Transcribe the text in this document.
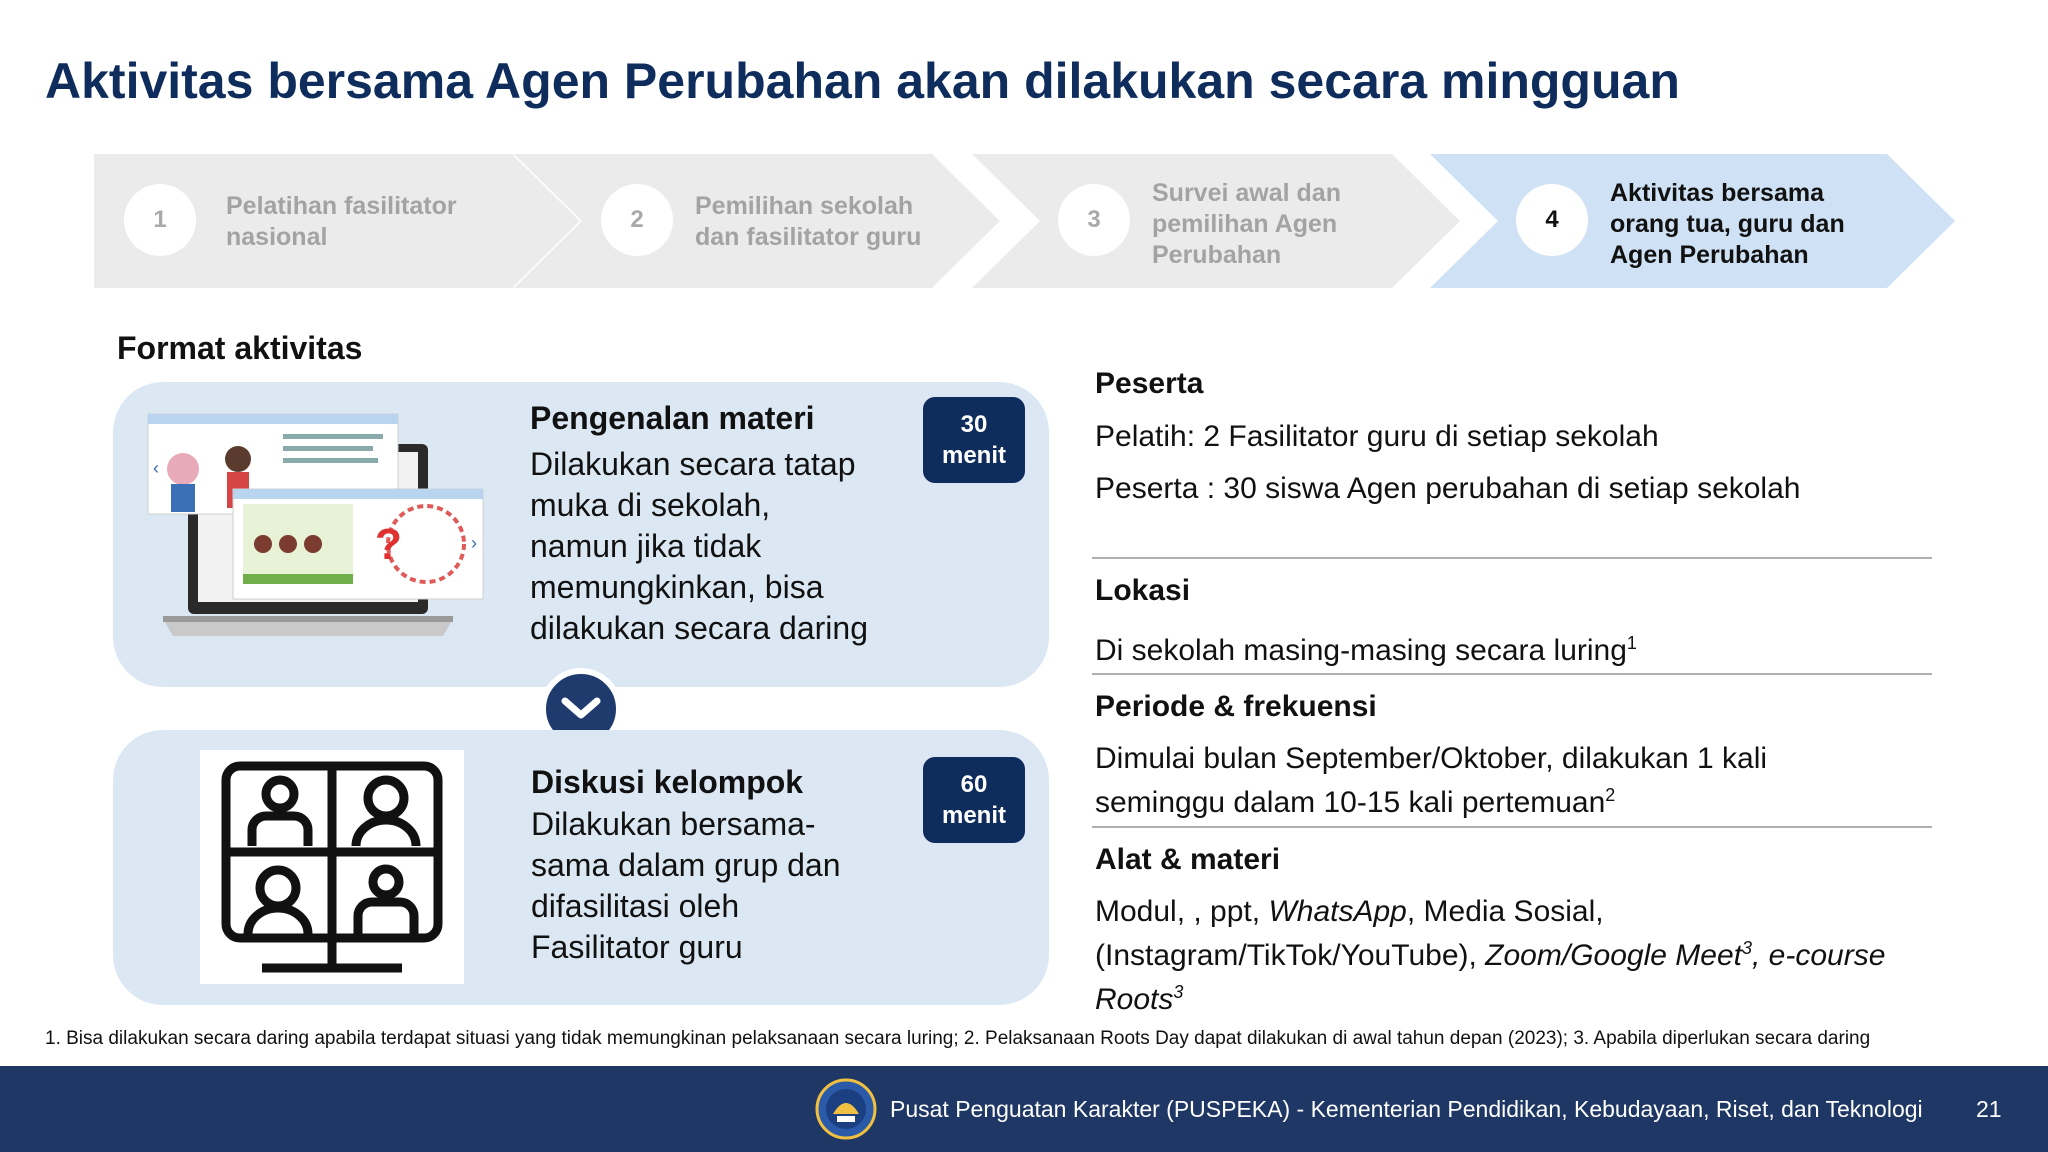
Aktivitas bersama Agen Perubahan akan dilakukan secara mingguan
1	Pelatihan fasilitator
nasional
2	Pemilihan sekolah
dan fasilitator guru
3
Survei awal dan
pemilihan Agen
Perubahan
4
Aktivitas bersama
orang tua, guru dan
Agen Perubahan
Format aktivitas
?	›
‹
Pengenalan materi
Dilakukan secara tatap
muka di sekolah,
namun jika tidak
memungkinkan, bisa
dilakukan secara daring
30
menit
Diskusi kelompok
Dilakukan bersama-
sama dalam grup dan
difasilitasi oleh
Fasilitator guru
60
menit
Peserta
Pelatih: 2 Fasilitator guru di setiap sekolah
Peserta : 30 siswa Agen perubahan di setiap sekolah
Lokasi
Di sekolah masing-masing secara luring$^1$
Periode & frekuensi
Dimulai bulan September/Oktober, dilakukan 1 kali
seminggu dalam 10-15 kali pertemuan$^2$
Alat & materi
Modul, , ppt, WhatsApp, Media Sosial,
(Instagram/TikTok/YouTube), Zoom/Google Meet$^3$, e-course
Roots$^3$
1. Bisa dilakukan secara daring apabila terdapat situasi yang tidak memungkinan pelaksanaan secara luring; 2. Pelaksanaan Roots Day dapat dilakukan di awal tahun depan (2023); 3. Apabila diperlukan secara daring
Pusat Penguatan Karakter (PUSPEKA) - Kementerian Pendidikan, Kebudayaan, Riset, dan Teknologi 21
